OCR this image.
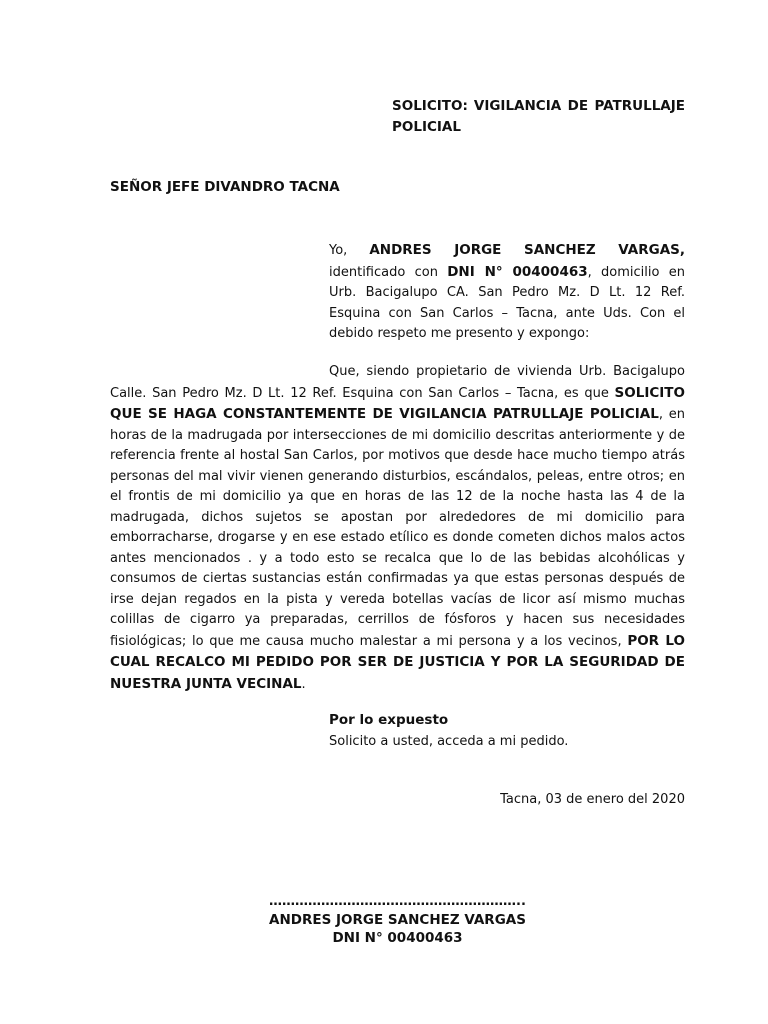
SOLICITO: VIGILANCIA DE PATRULLAJE POLICIAL
SEÑOR JEFE DIVANDRO TACNA
Yo, ANDRES JORGE SANCHEZ VARGAS, identificado con DNI N° 00400463, domicilio en Urb. Bacigalupo CA. San Pedro Mz. D Lt. 12 Ref. Esquina con San Carlos – Tacna, ante Uds. Con el debido respeto me presento y expongo:
Que, siendo propietario de vivienda Urb. Bacigalupo Calle. San Pedro Mz. D Lt. 12 Ref. Esquina con San Carlos – Tacna, es que SOLICITO QUE SE HAGA CONSTANTEMENTE DE VIGILANCIA PATRULLAJE POLICIAL, en horas de la madrugada por intersecciones de mi domicilio descritas anteriormente y de referencia frente al hostal San Carlos, por motivos que desde hace mucho tiempo atrás personas del mal vivir vienen generando disturbios, escándalos, peleas, entre otros; en el frontis de mi domicilio ya que en horas de las 12 de la noche hasta las 4 de la madrugada, dichos sujetos se apostan por alrededores de mi domicilio para emborracharse, drogarse y en ese estado etílico es donde cometen dichos malos actos antes mencionados . y a todo esto se recalca que lo de las bebidas alcohólicas y consumos de ciertas sustancias están confirmadas ya que estas personas después de irse dejan regados en la pista y vereda botellas vacías de licor así mismo muchas colillas de cigarro ya preparadas, cerrillos de fósforos y hacen sus necesidades fisiológicas; lo que me causa mucho malestar a mi persona y a los vecinos, POR LO CUAL RECALCO MI PEDIDO POR SER DE JUSTICIA Y POR LA SEGURIDAD DE NUESTRA JUNTA VECINAL.
Por lo expuesto
Solicito a usted, acceda a mi pedido.
Tacna, 03 de enero del 2020
…………………………………………………..
ANDRES JORGE SANCHEZ VARGAS
DNI N° 00400463
